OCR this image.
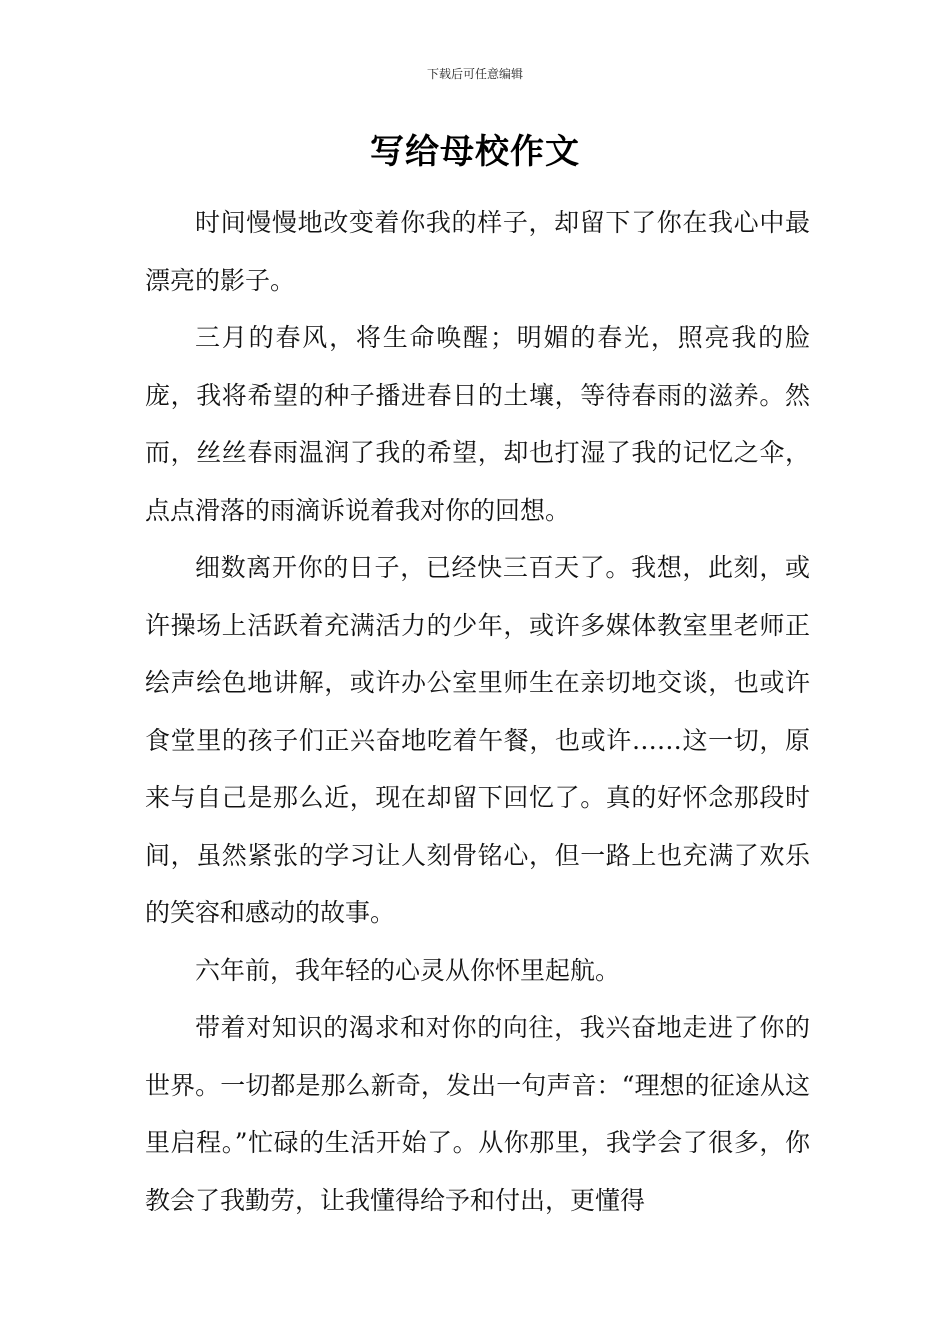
下载后可任意编辑
写给母校作文

时间慢慢地改变着你我的样子，却留下了你在我心中最漂亮的影子。

三月的春风，将生命唤醒；明媚的春光，照亮我的脸庞，我将希望的种子播进春日的土壤，等待春雨的滋养。然而，丝丝春雨温润了我的希望，却也打湿了我的记忆之伞，点点滑落的雨滴诉说着我对你的回想。

细数离开你的日子，已经快三百天了。我想，此刻，或许操场上活跃着充满活力的少年，或许多媒体教室里老师正绘声绘色地讲解，或许办公室里师生在亲切地交谈，也或许食堂里的孩子们正兴奋地吃着午餐，也或许……这一切，原来与自己是那么近，现在却留下回忆了。真的好怀念那段时间，虽然紧张的学习让人刻骨铭心，但一路上也充满了欢乐的笑容和感动的故事。

六年前，我年轻的心灵从你怀里起航。

带着对知识的渴求和对你的向往，我兴奋地走进了你的世界。一切都是那么新奇，发出一句声音：“理想的征途从这里启程。”忙碌的生活开始了。从你那里，我学会了很多，你教会了我勤劳，让我懂得给予和付出，更懂得
